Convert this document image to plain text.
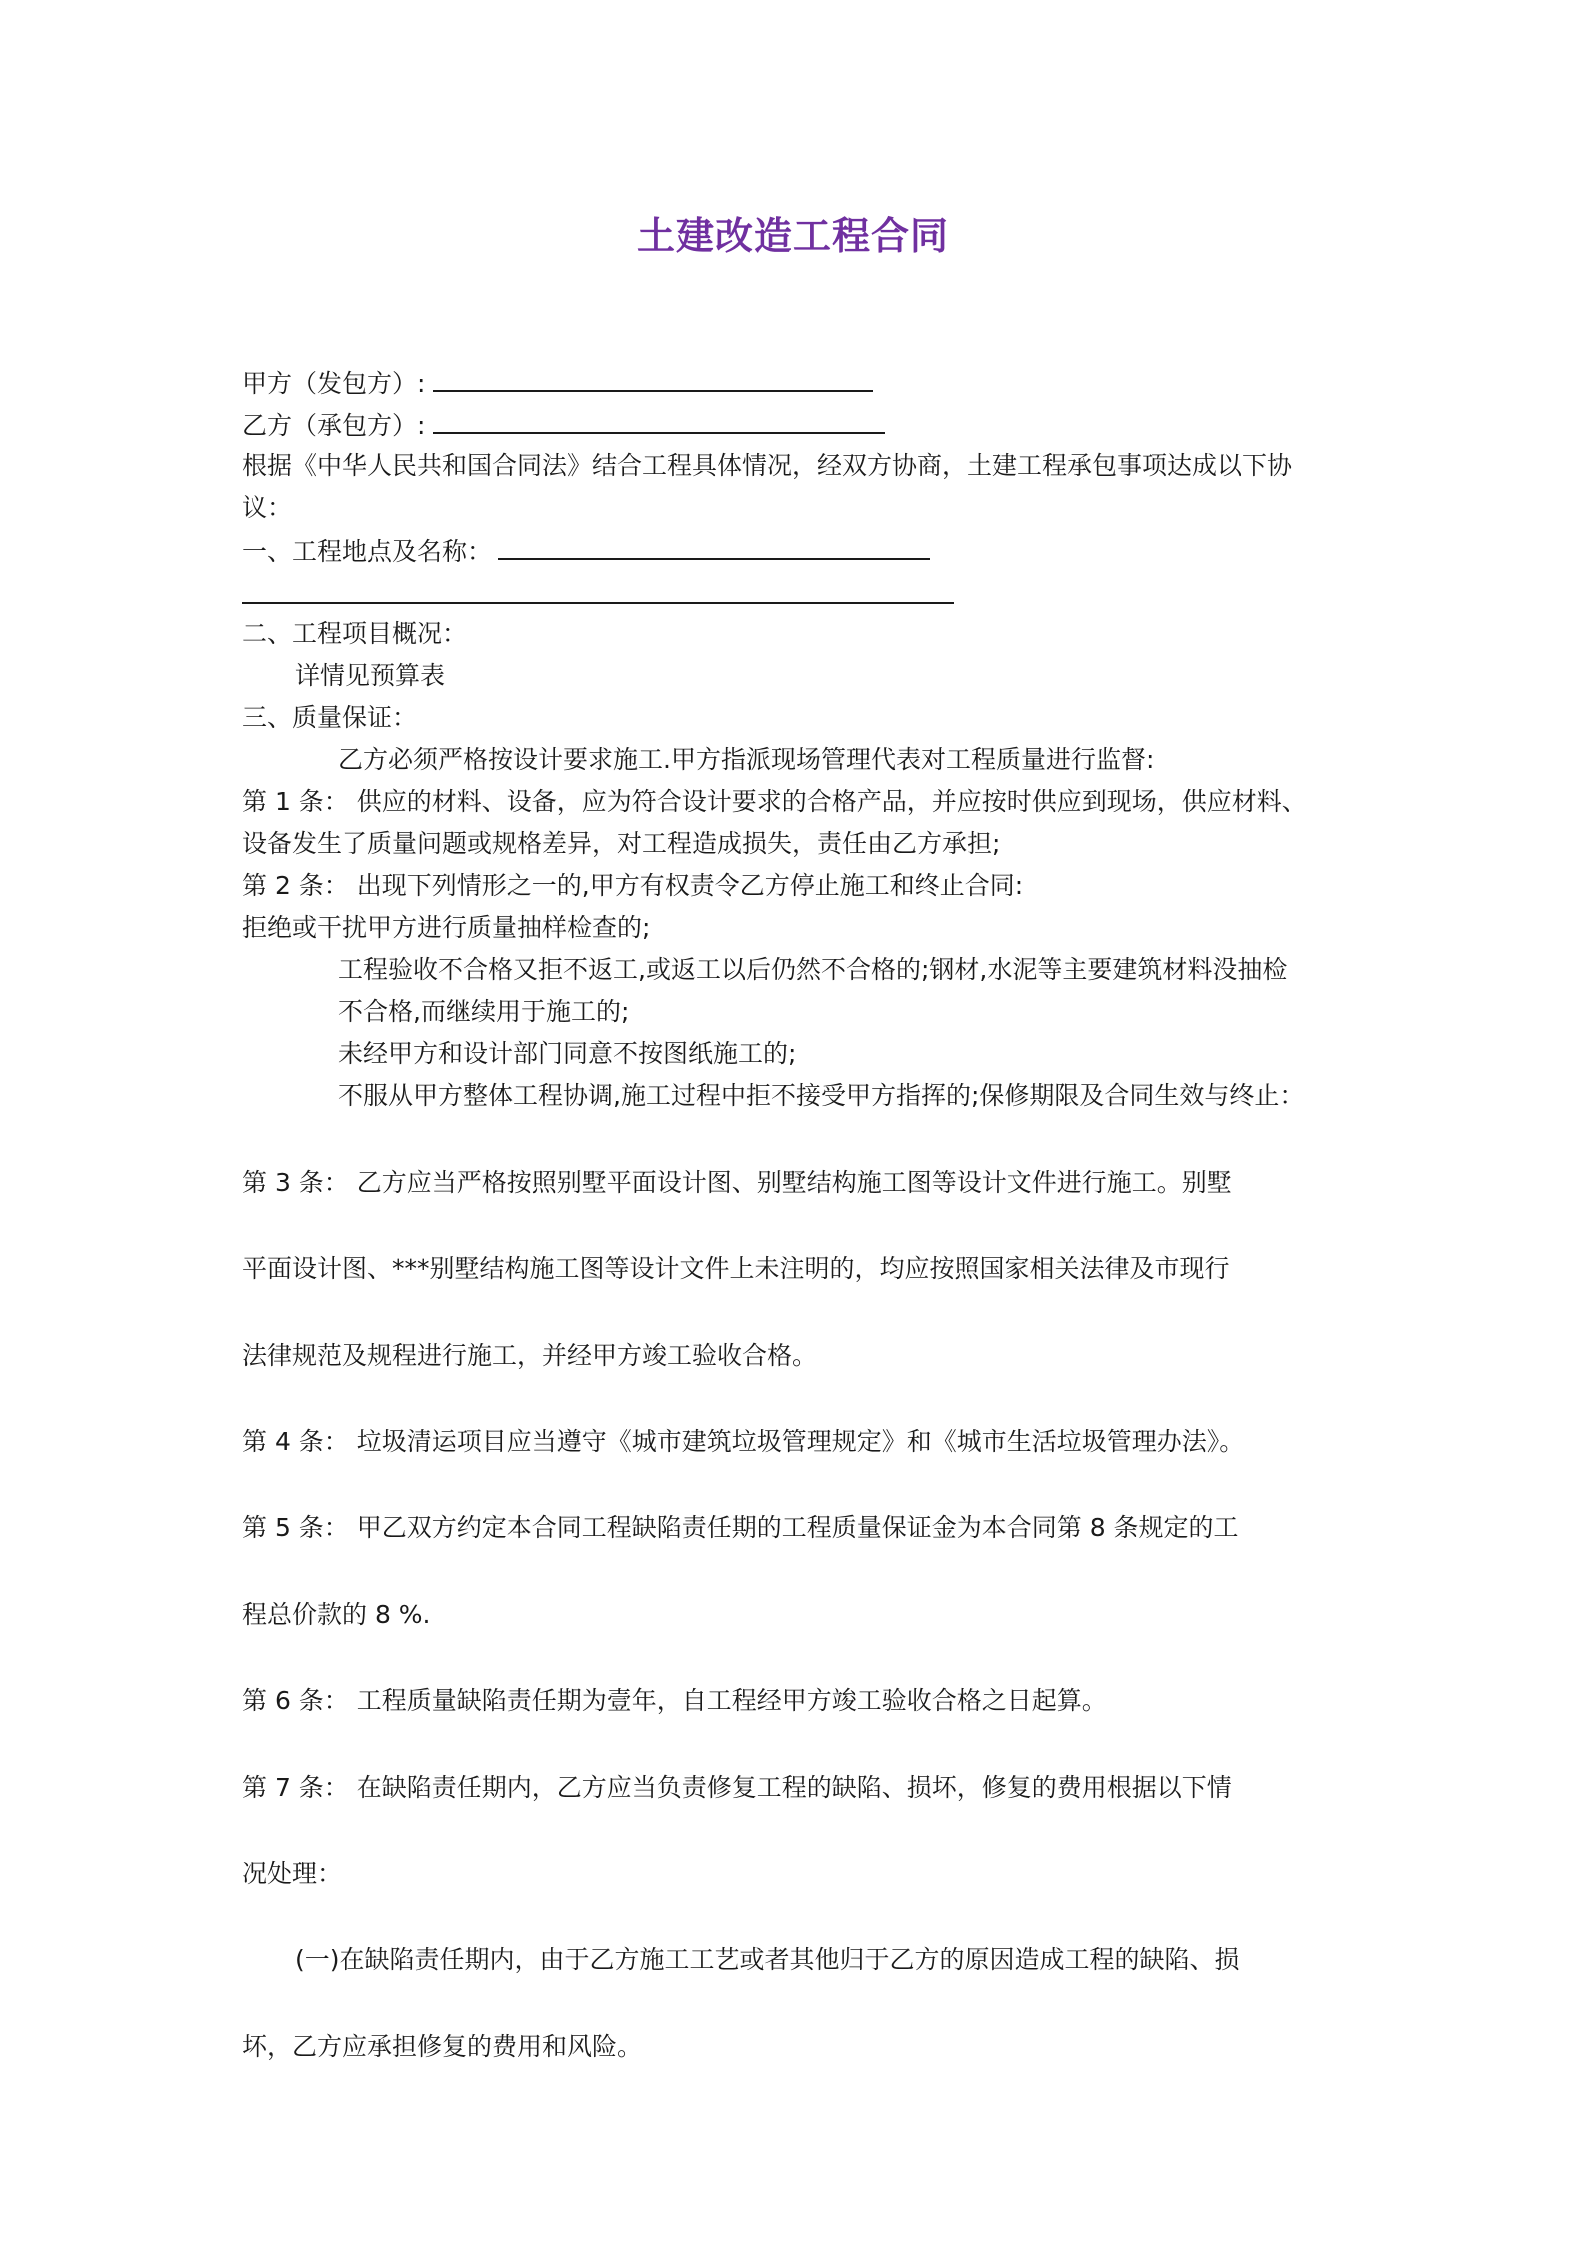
土建改造工程合同
甲方（发包方）:
乙方（承包方）:
根据《中华人民共和国合同法》结合工程具体情况，经双方协商，土建工程承包事项达成以下协
议：
一、工程地点及名称：
二、工程项目概况：
详情见预算表
三、质量保证：
乙方必须严格按设计要求施工.甲方指派现场管理代表对工程质量进行监督:
第 1 条： 供应的材料、设备，应为符合设计要求的合格产品，并应按时供应到现场，供应材料、
设备发生了质量问题或规格差异，对工程造成损失，责任由乙方承担;
第 2 条： 出现下列情形之一的,甲方有权责令乙方停止施工和终止合同:
拒绝或干扰甲方进行质量抽样检查的;
工程验收不合格又拒不返工,或返工以后仍然不合格的;钢材,水泥等主要建筑材料没抽检
不合格,而继续用于施工的;
未经甲方和设计部门同意不按图纸施工的;
不服从甲方整体工程协调,施工过程中拒不接受甲方指挥的;保修期限及合同生效与终止：
第 3 条： 乙方应当严格按照别墅平面设计图、别墅结构施工图等设计文件进行施工。别墅
平面设计图、***别墅结构施工图等设计文件上未注明的，均应按照国家相关法律及市现行
法律规范及规程进行施工，并经甲方竣工验收合格。
第 4 条： 垃圾清运项目应当遵守《城市建筑垃圾管理规定》和《城市生活垃圾管理办法》。
第 5 条： 甲乙双方约定本合同工程缺陷责任期的工程质量保证金为本合同第 8 条规定的工
程总价款的 8 %.
第 6 条： 工程质量缺陷责任期为壹年，自工程经甲方竣工验收合格之日起算。
第 7 条： 在缺陷责任期内，乙方应当负责修复工程的缺陷、损坏，修复的费用根据以下情
况处理：
(一)在缺陷责任期内，由于乙方施工工艺或者其他归于乙方的原因造成工程的缺陷、损
坏，乙方应承担修复的费用和风险。
